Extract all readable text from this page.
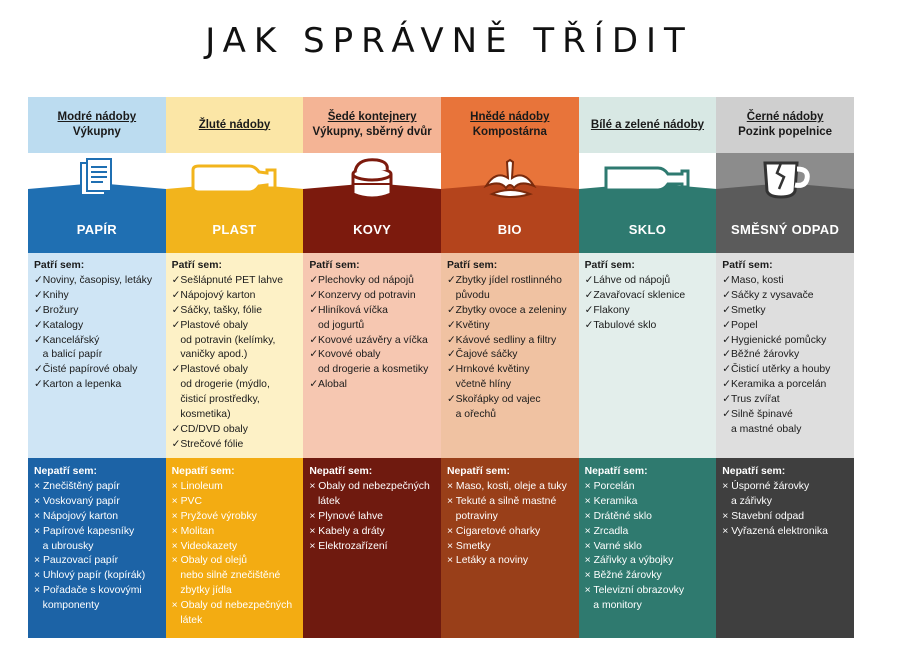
JAK SPRÁVNĚ TŘÍDIT
Modré nádoby
Výkupny
PAPÍR
Patří sem:
✓Noviny, časopisy, letáky
✓Knihy
✓Brožury
✓Katalogy
✓Kancelářský
a balicí papír
✓Čisté papírové obaly
✓Karton a lepenka
Nepatří sem:
× Znečištěný papír
× Voskovaný papír
× Nápojový karton
× Papírové kapesníky
a ubrousky
× Pauzovací papír
× Uhlový papír (kopírák)
× Pořadače s kovovými
komponenty
Žluté nádoby
PLAST
Patří sem:
✓Sešlápnuté PET lahve
✓Nápojový karton
✓Sáčky, tašky, fólie
✓Plastové obaly
od potravin (kelímky,
vaničky apod.)
✓Plastové obaly
od drogerie (mýdlo,
čisticí prostředky,
kosmetika)
✓CD/DVD obaly
✓Strečové fólie
Nepatří sem:
× Linoleum
× PVC
× Pryžové výrobky
× Molitan
× Videokazety
× Obaly od olejů
nebo silně znečištěné
zbytky jídla
× Obaly od nebezpečných
látek
Šedé kontejnery
Výkupny, sběrný dvůr
KOVY
Patří sem:
✓Plechovky od nápojů
✓Konzervy od potravin
✓Hliníková víčka
od jogurtů
✓Kovové uzávěry a víčka
✓Kovové obaly
od drogerie a kosmetiky
✓Alobal
Nepatří sem:
× Obaly od nebezpečných
látek
× Plynové lahve
× Kabely a dráty
× Elektrozařízení
Hnědé nádoby
Kompostárna
BIO
Patří sem:
✓Zbytky jídel rostlinného
původu
✓Zbytky ovoce a zeleniny
✓Květiny
✓Kávové sedliny a filtry
✓Čajové sáčky
✓Hrnkové květiny
včetně hlíny
✓Skořápky od vajec
a ořechů
Nepatří sem:
× Maso, kosti, oleje a tuky
× Tekuté a silně mastné
potraviny
× Cigaretové oharky
× Smetky
× Letáky a noviny
Bílé a zelené nádoby
SKLO
Patří sem:
✓Láhve od nápojů
✓Zavařovací sklenice
✓Flakony
✓Tabulové sklo
Nepatří sem:
× Porcelán
× Keramika
× Drátěné sklo
× Zrcadla
× Varné sklo
× Zářivky a výbojky
× Běžné žárovky
× Televizní obrazovky
a monitory
Černé nádoby
Pozink popelnice
SMĚSNÝ ODPAD
Patří sem:
✓Maso, kosti
✓Sáčky z vysavače
✓Smetky
✓Popel
✓Hygienické pomůcky
✓Běžné žárovky
✓Čisticí utěrky a houby
✓Keramika a porcelán
✓Trus zvířat
✓Silně špinavé
a mastné obaly
Nepatří sem:
× Úsporné žárovky
a zářivky
× Stavební odpad
× Vyřazená elektronika
